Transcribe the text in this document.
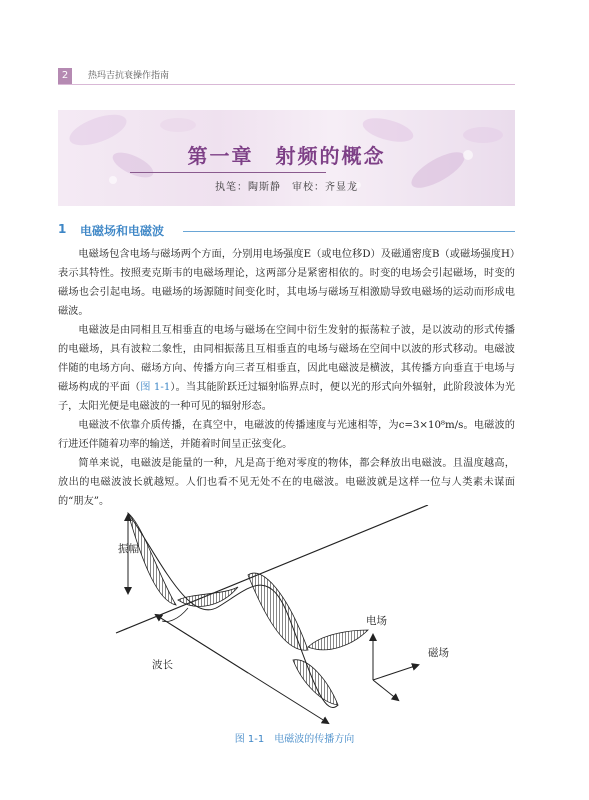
2	热玛吉抗衰操作指南
第一章　射频的概念
执笔：陶斯静　审校：齐显龙
1 电磁场和电磁波

电磁场包含电场与磁场两个方面，分别用电场强度E（或电位移D）及磁通密度B（或磁场强度H）表示其特性。按照麦克斯韦的电磁场理论，这两部分是紧密相依的。时变的电场会引起磁场，时变的磁场也会引起电场。电磁场的场源随时间变化时，其电场与磁场互相激励导致电磁场的运动而形成电磁波。

电磁波是由同相且互相垂直的电场与磁场在空间中衍生发射的振荡粒子波，是以波动的形式传播的电磁场，具有波粒二象性，由同相振荡且互相垂直的电场与磁场在空间中以波的形式移动。电磁波伴随的电场方向、磁场方向、传播方向三者互相垂直，因此电磁波是横波，其传播方向垂直于电场与磁场构成的平面（图 1-1）。当其能阶跃迁过辐射临界点时，便以光的形式向外辐射，此阶段波体为光子，太阳光便是电磁波的一种可见的辐射形态。

电磁波不依靠介质传播，在真空中，电磁波的传播速度与光速相等，为c=3×10⁸m/s。电磁波的行进还伴随着功率的输送，并随着时间呈正弦变化。

简单来说，电磁波是能量的一种，凡是高于绝对零度的物体，都会释放出电磁波。且温度越高，放出的电磁波波长就越短。人们也看不见无处不在的电磁波。电磁波就是这样一位与人类素未谋面的“朋友”。

振幅
电场
磁场
波长
图 1-1　电磁波的传播方向
